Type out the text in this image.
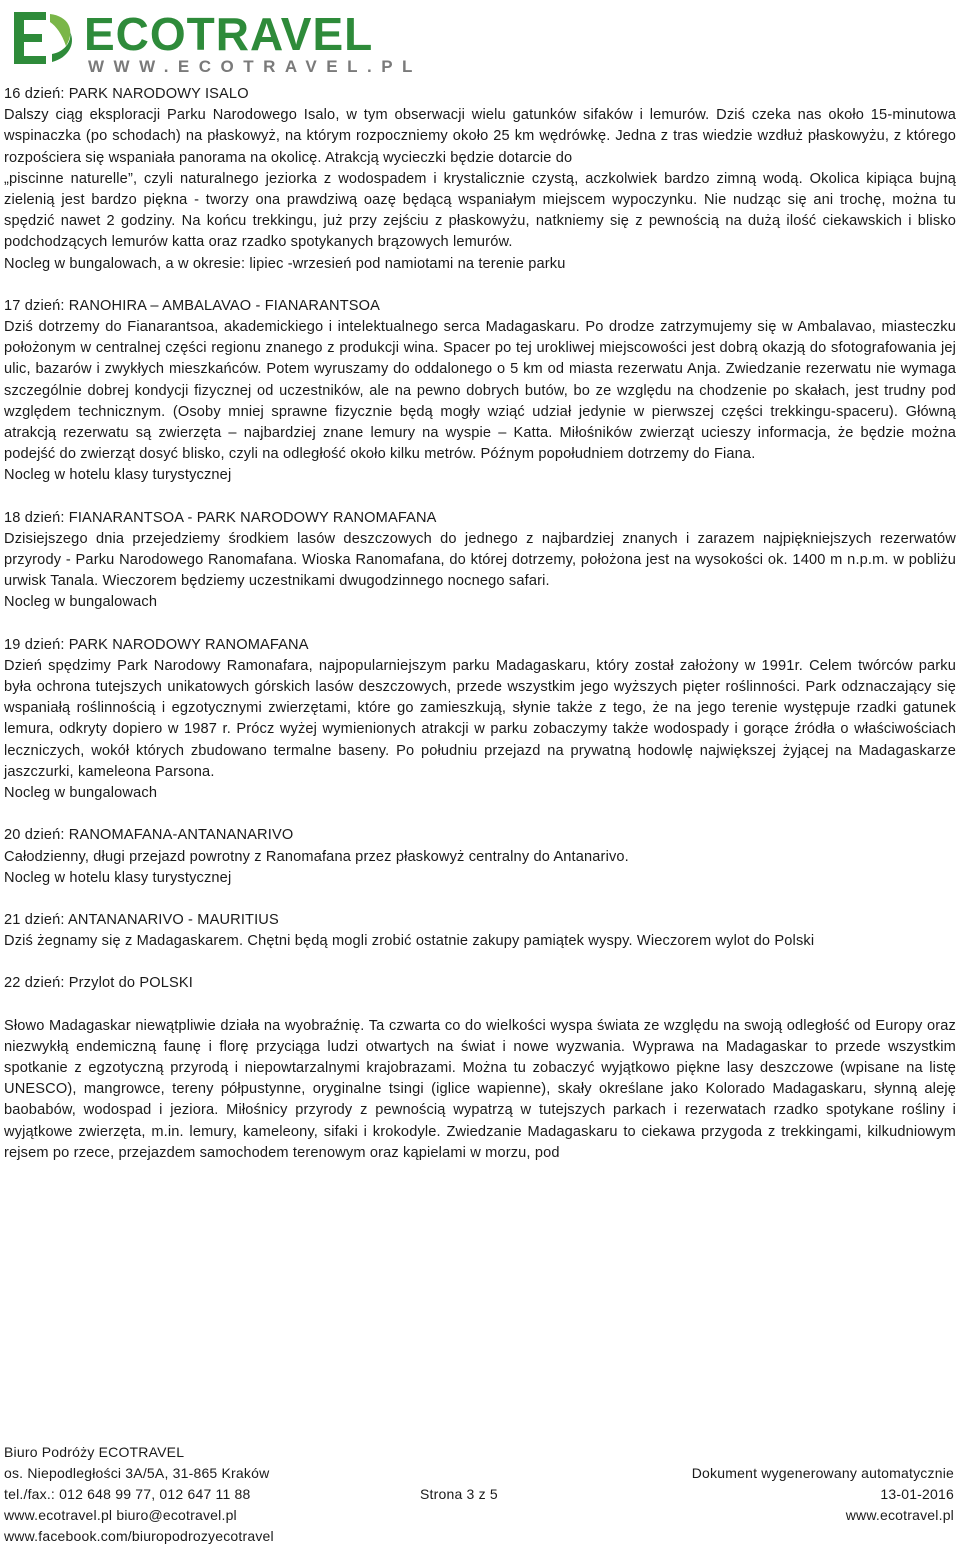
ECOTRAVEL
WWW.ECOTRAVEL.PL
16 dzień: PARK NARODOWY ISALO

Dalszy ciąg eksploracji Parku Narodowego Isalo, w tym obserwacji wielu gatunków sifaków i lemurów. Dziś czeka nas około 15-minutowa wspinaczka (po schodach) na płaskowyż, na którym rozpoczniemy około 25 km wędrówkę. Jedna z tras wiedzie wzdłuż płaskowyżu, z którego rozpościera się wspaniała panorama na okolicę. Atrakcją wycieczki będzie dotarcie do

„piscinne naturelle”, czyli naturalnego jeziorka z wodospadem i krystalicznie czystą, aczkolwiek bardzo zimną wodą. Okolica kipiąca bujną zielenią jest bardzo piękna - tworzy ona prawdziwą oazę będącą wspaniałym miejscem wypoczynku. Nie nudząc się ani trochę, można tu spędzić nawet 2 godziny. Na końcu trekkingu, już przy zejściu z płaskowyżu, natkniemy się z pewnością na dużą ilość ciekawskich i blisko podchodzących lemurów katta oraz rzadko spotykanych brązowych lemurów.

Nocleg w bungalowach, a w okresie: lipiec -wrzesień pod namiotami na terenie parku

17 dzień: RANOHIRA – AMBALAVAO - FIANARANTSOA

Dziś dotrzemy do Fianarantsoa, akademickiego i intelektualnego serca Madagaskaru. Po drodze zatrzymujemy się w Ambalavao, miasteczku położonym w centralnej części regionu znanego z produkcji wina. Spacer po tej urokliwej miejscowości jest dobrą okazją do sfotografowania jej ulic, bazarów i zwykłych mieszkańców. Potem wyruszamy do oddalonego o 5 km od miasta rezerwatu Anja. Zwiedzanie rezerwatu nie wymaga szczególnie dobrej kondycji fizycznej od uczestników, ale na pewno dobrych butów, bo ze względu na chodzenie po skałach, jest trudny pod względem technicznym. (Osoby mniej sprawne fizycznie będą mogły wziąć udział jedynie w pierwszej części trekkingu-spaceru). Główną atrakcją rezerwatu są zwierzęta – najbardziej znane lemury na wyspie – Katta. Miłośników zwierząt ucieszy informacja, że będzie można podejść do zwierząt dosyć blisko, czyli na odległość około kilku metrów. Późnym popołudniem dotrzemy do Fiana.

Nocleg w hotelu klasy turystycznej

18 dzień: FIANARANTSOA - PARK NARODOWY RANOMAFANA

Dzisiejszego dnia przejedziemy środkiem lasów deszczowych do jednego z najbardziej znanych i zarazem najpiękniejszych rezerwatów przyrody - Parku Narodowego Ranomafana. Wioska Ranomafana, do której dotrzemy, położona jest na wysokości ok. 1400 m n.p.m. w pobliżu urwisk Tanala. Wieczorem będziemy uczestnikami dwugodzinnego nocnego safari.

Nocleg w bungalowach

19 dzień: PARK NARODOWY RANOMAFANA

Dzień spędzimy Park Narodowy Ramonafara, najpopularniejszym parku Madagaskaru, który został założony w 1991r. Celem twórców parku była ochrona tutejszych unikatowych górskich lasów deszczowych, przede wszystkim jego wyższych pięter roślinności. Park odznaczający się wspaniałą roślinnością i egzotycznymi zwierzętami, które go zamieszkują, słynie także z tego, że na jego terenie występuje rzadki gatunek lemura, odkryty dopiero w 1987 r. Prócz wyżej wymienionych atrakcji w parku zobaczymy także wodospady i gorące źródła o właściwościach leczniczych, wokół których zbudowano termalne baseny. Po południu przejazd na prywatną hodowlę największej żyjącej na Madagaskarze jaszczurki, kameleona Parsona.

Nocleg w bungalowach

20 dzień: RANOMAFANA-ANTANANARIVO

Całodzienny, długi przejazd powrotny z Ranomafana przez płaskowyż centralny do Antanarivo.

Nocleg w hotelu klasy turystycznej

21 dzień: ANTANANARIVO - MAURITIUS

Dziś żegnamy się z Madagaskarem. Chętni będą mogli zrobić ostatnie zakupy pamiątek wyspy. Wieczorem wylot do Polski

22 dzień: Przylot do POLSKI

Słowo Madagaskar niewątpliwie działa na wyobraźnię. Ta czwarta co do wielkości wyspa świata ze względu na swoją odległość od Europy oraz niezwykłą endemiczną faunę i florę przyciąga ludzi otwartych na świat i nowe wyzwania. Wyprawa na Madagaskar to przede wszystkim spotkanie z egzotyczną przyrodą i niepowtarzalnymi krajobrazami. Można tu zobaczyć wyjątkowo piękne lasy deszczowe (wpisane na listę UNESCO), mangrowce, tereny półpustynne, oryginalne tsingi (iglice wapienne), skały określane jako Kolorado Madagaskaru, słynną aleję baobabów, wodospad i jeziora. Miłośnicy przyrody z pewnością wypatrzą w tutejszych parkach i rezerwatach rzadko spotykane rośliny i wyjątkowe zwierzęta, m.in. lemury, kameleony, sifaki i krokodyle. Zwiedzanie Madagaskaru to ciekawa przygoda z trekkingami, kilkudniowym rejsem po rzece, przejazdem samochodem terenowym oraz kąpielami w morzu, pod

Biuro Podróży ECOTRAVEL
os. Niepodległości 3A/5A, 31-865 Kraków
tel./fax.: 012 648 99 77, 012 647 11 88
www.ecotravel.pl biuro@ecotravel.pl
www.facebook.com/biuropodrozyecotravel
Strona 3 z 5
Dokument wygenerowany automatycznie
13-01-2016
www.ecotravel.pl
